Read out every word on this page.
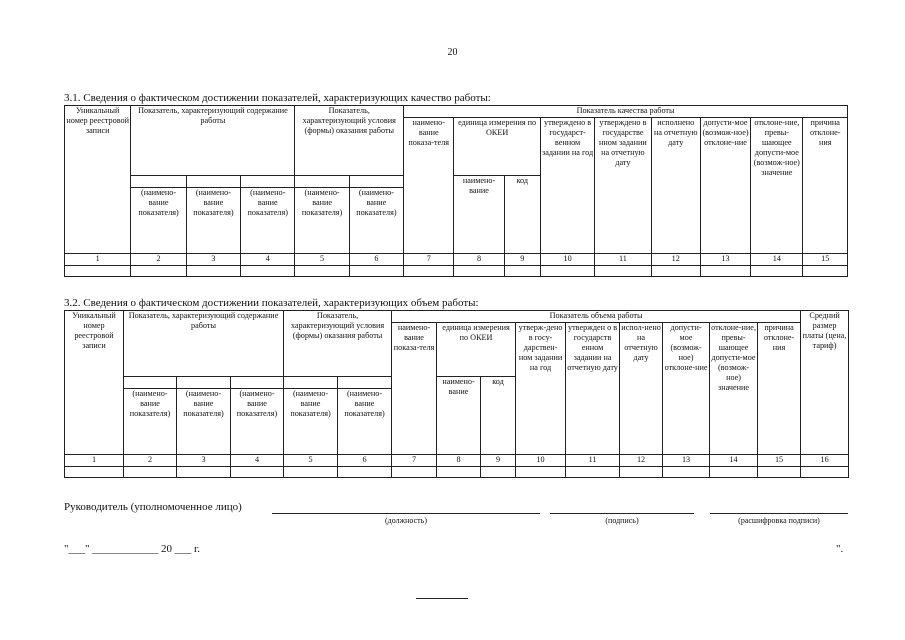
20
3.1. Сведения о фактическом достижении показателей, характеризующих качество работы:
Уникальный номер реестровой записи	Показатель, характеризующий содержание работы			Показатель, характеризующий условия (формы) оказания работы		Показатель качества работы								
						наимено-вание показа-теля	единица измерения по ОКЕИ		утверждено в государст-венном задании на год	утверждено в государстве нном задании на отчетную дату	исполнено на отчетную дату	допусти-мое (возмож-ное) отклоне-ние	отклоне-ние, превы-шающее допусти-мое (возмож-ное) значение	причина отклоне-ния
							наимено-вание	код						
	(наимено-вание показателя)	(наимено-вание показателя)	(наимено-вание показателя)	(наимено-вание показателя)	(наимено-вание показателя)									
1	2	3	4	5	6	7	8	9	10	11	12	13	14	15

3.2. Сведения о фактическом достижении показателей, характеризующих объем работы:
Уникальный номер реестровой записи	Показатель, характеризующий содержание работы			Показатель, характеризующий условия (формы) оказания работы		Показатель объема работы									Средний размер платы (цена, тариф)
						наимено-вание показа-теля	единица измерения по ОКЕИ		утверж-дено в госу-дарствен-ном задании на год	утвержден о в государств енном задании на отчетную дату	испол-нено на отчетную дату	допусти-мое (возмож-ное) отклоне-ние	отклоне-ние, превы-шающее допусти-мое (возмож-ное) значение	причина отклоне-ния	
							наимено-вание	код							
	(наимено-вание показателя)	(наимено-вание показателя)	(наимено-вание показателя)	(наимено-вание показателя)	(наимено-вание показателя)										
1	2	3	4	5	6	7	8	9	10	11	12	13	14	15	16

Руководитель (уполномоченное лицо)
(должность)	(подпись)	(расшифровка подписи)
"___" ____________ 20 ___ г.	".
